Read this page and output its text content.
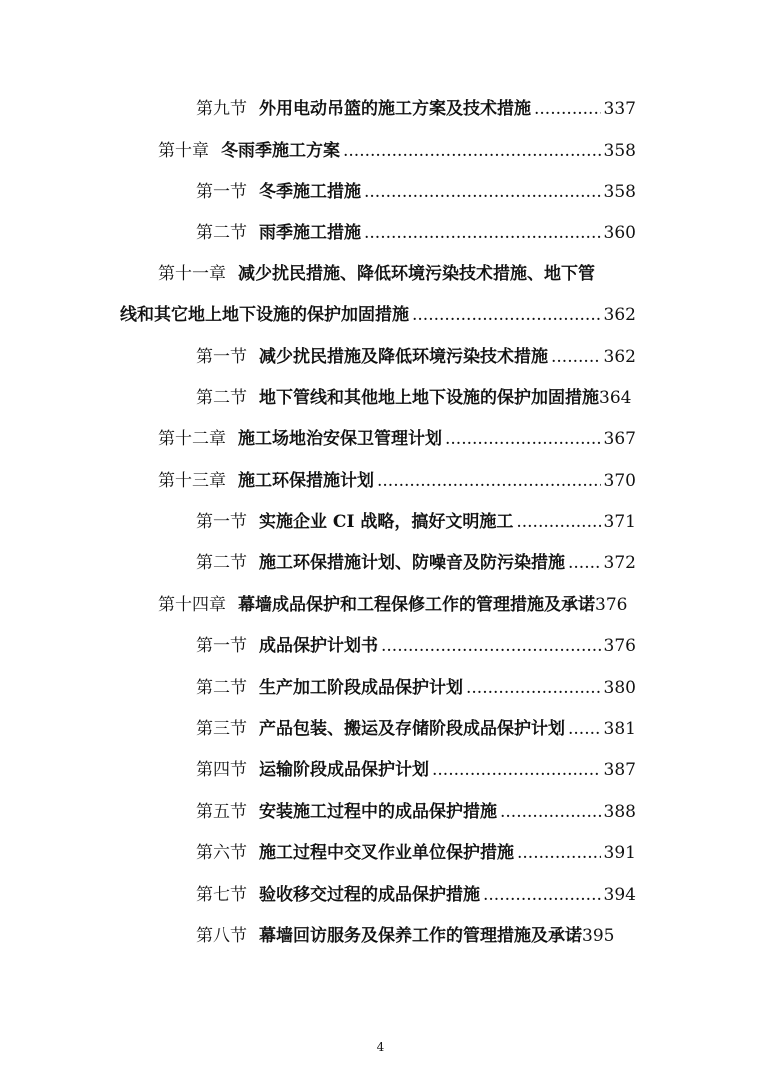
第九节 外用电动吊篮的施工方案及技术措施 .....	337
第十章 冬雨季施工方案 .....	358
第一节 冬季施工措施 .....	358
第二节 雨季施工措施 .....	360
第十一章 减少扰民措施、降低环境污染技术措施、地下管
线和其它地上地下设施的保护加固措施 .....	362
第一节 减少扰民措施及降低环境污染技术措施 .....	362
第二节 地下管线和其他地上地下设施的保护加固措施 364
第十二章 施工场地治安保卫管理计划 .....	367
第十三章 施工环保措施计划 .....	370
第一节 实施企业 CI 战略，搞好文明施工 .....	371
第二节 施工环保措施计划、防噪音及防污染措施 ..... 372
第十四章 幕墙成品保护和工程保修工作的管理措施及承诺 376
第一节 成品保护计划书 .....	376
第二节 生产加工阶段成品保护计划 .....	380
第三节 产品包装、搬运及存储阶段成品保护计划 ..... 381
第四节 运输阶段成品保护计划 .....	387
第五节 安装施工过程中的成品保护措施 .....	388
第六节 施工过程中交叉作业单位保护措施 .....	391
第七节 验收移交过程的成品保护措施 .....	394
第八节 幕墙回访服务及保养工作的管理措施及承诺 395
4
